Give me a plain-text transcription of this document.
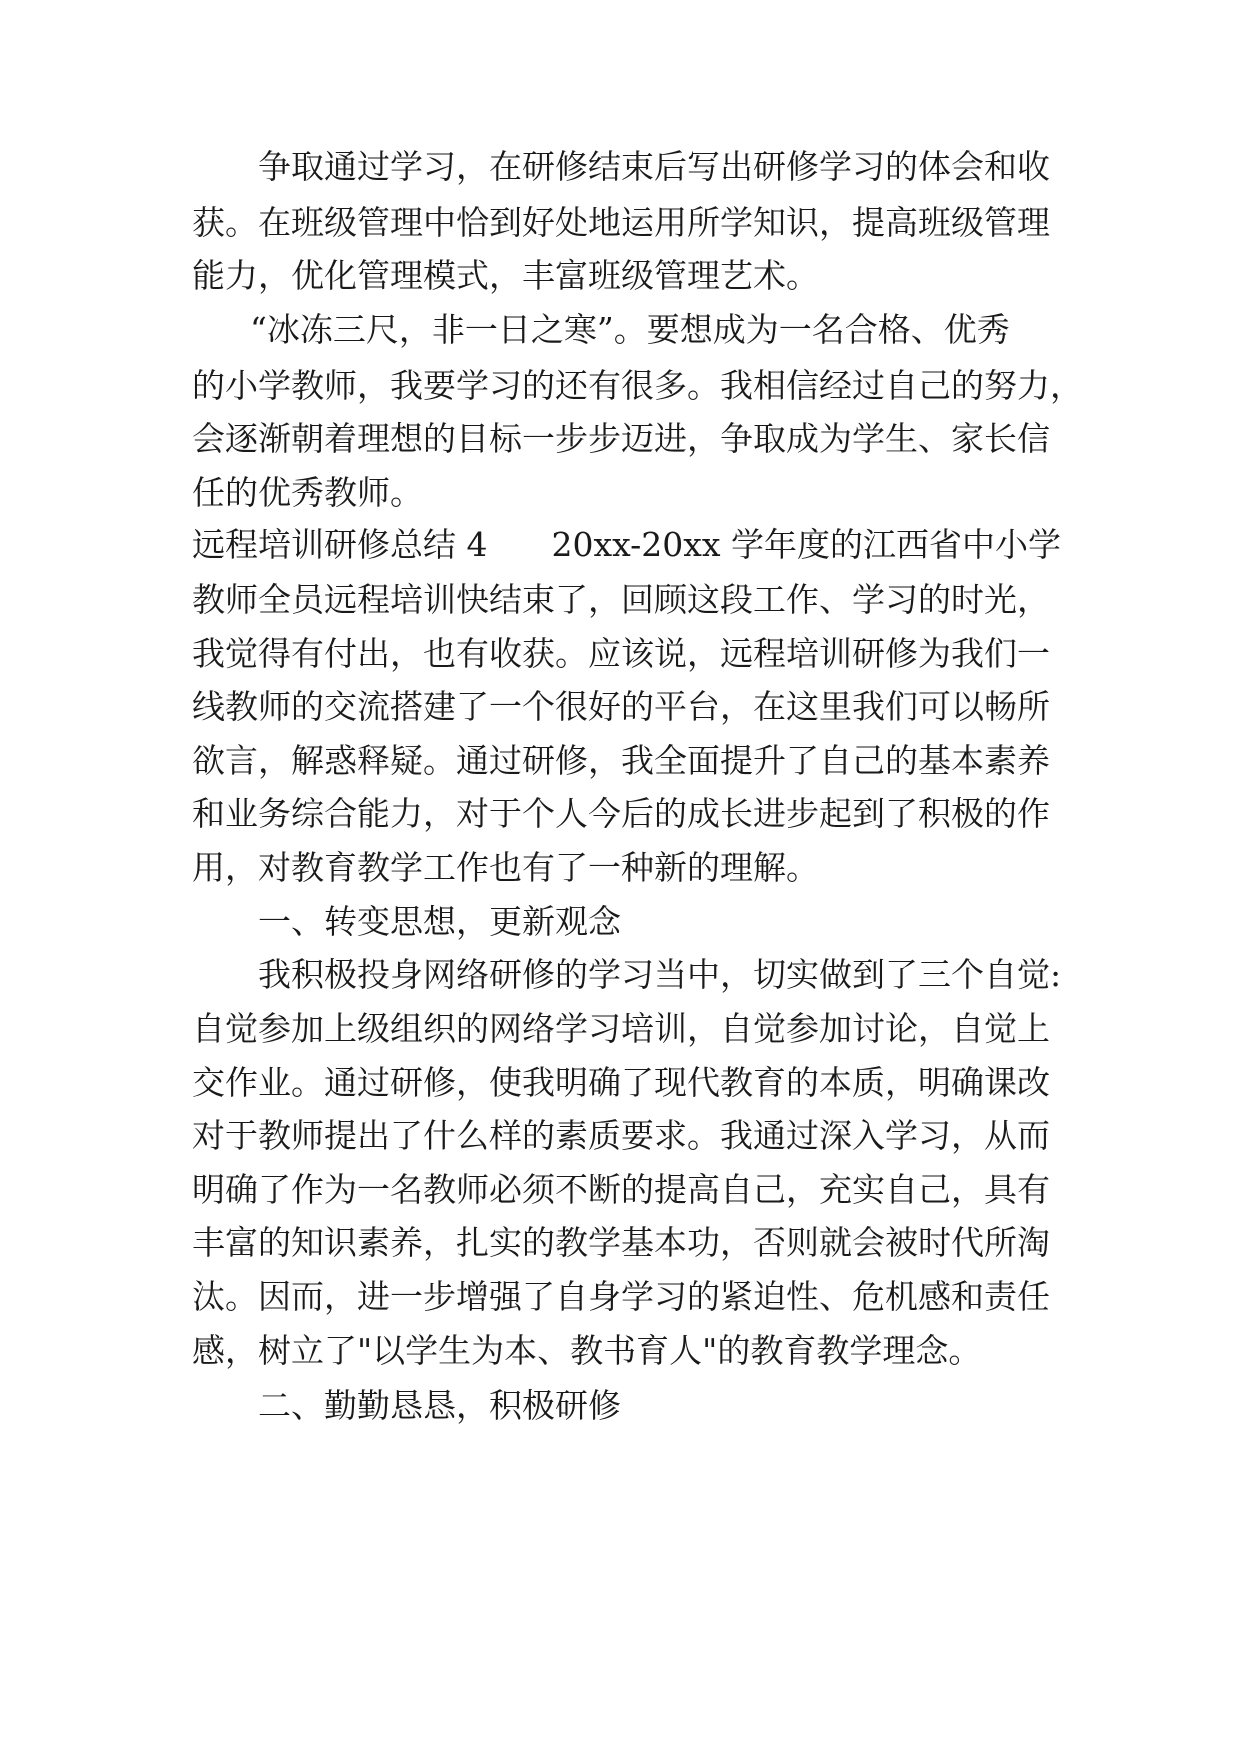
争取通过学习，在研修结束后写出研修学习的体会和收
获。在班级管理中恰到好处地运用所学知识，提高班级管理
能力，优化管理模式，丰富班级管理艺术。
“冰冻三尺，非一日之寒”。要想成为一名合格、优秀
的小学教师，我要学习的还有很多。我相信经过自己的努力，
会逐渐朝着理想的目标一步步迈进，争取成为学生、家长信
任的优秀教师。
远程培训研修总结 4 20xx-20xx 学年度的江西省中小学
教师全员远程培训快结束了，回顾这段工作、学习的时光，
我觉得有付出，也有收获。应该说，远程培训研修为我们一
线教师的交流搭建了一个很好的平台，在这里我们可以畅所
欲言，解惑释疑。通过研修，我全面提升了自己的基本素养
和业务综合能力，对于个人今后的成长进步起到了积极的作
用，对教育教学工作也有了一种新的理解。
一、转变思想，更新观念
我积极投身网络研修的学习当中，切实做到了三个自觉:
自觉参加上级组织的网络学习培训，自觉参加讨论，自觉上
交作业。通过研修，使我明确了现代教育的本质，明确课改
对于教师提出了什么样的素质要求。我通过深入学习，从而
明确了作为一名教师必须不断的提高自己，充实自己，具有
丰富的知识素养，扎实的教学基本功，否则就会被时代所淘
汰。因而，进一步增强了自身学习的紧迫性、危机感和责任
感，树立了"以学生为本、教书育人"的教育教学理念。
二、勤勤恳恳，积极研修
